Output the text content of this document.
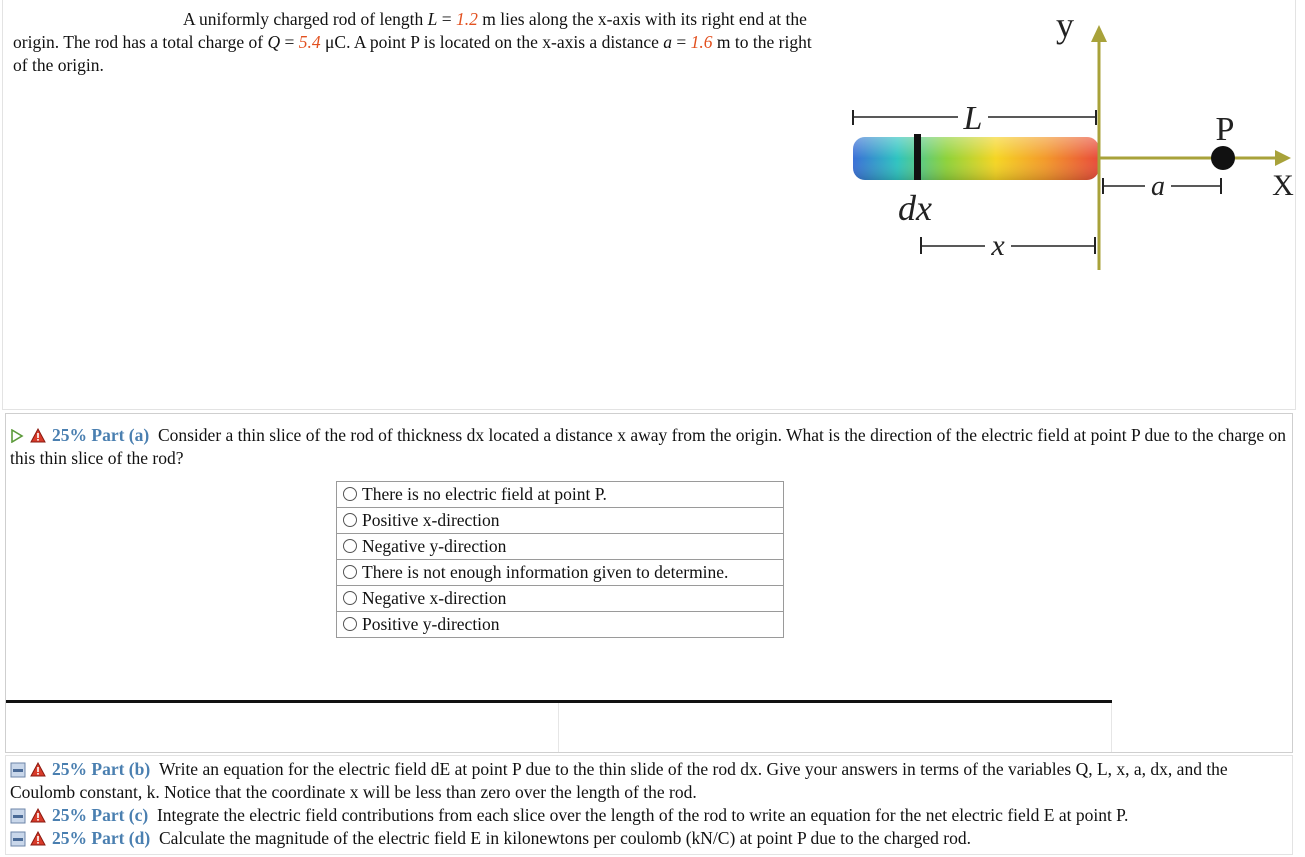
A uniformly charged rod of length L = 1.2 m lies along the x-axis with its right end at the origin. The rod has a total charge of Q = 5.4 μC. A point P is located on the x-axis a distance a = 1.6 m to the right of the origin.
L
y
X
P
a
dx
x
25% Part (a) Consider a thin slice of the rod of thickness dx located a distance x away from the origin. What is the direction of the electric field at point P due to the charge on this thin slice of the rod?
There is no electric field at point P.
Positive x-direction
Negative y-direction
There is not enough information given to determine.
Negative x-direction
Positive y-direction
25% Part (b) Write an equation for the electric field dE at point P due to the thin slide of the rod dx. Give your answers in terms of the variables Q, L, x, a, dx, and the Coulomb constant, k. Notice that the coordinate x will be less than zero over the length of the rod.
25% Part (c) Integrate the electric field contributions from each slice over the length of the rod to write an equation for the net electric field E at point P.
25% Part (d) Calculate the magnitude of the electric field E in kilonewtons per coulomb (kN/C) at point P due to the charged rod.
